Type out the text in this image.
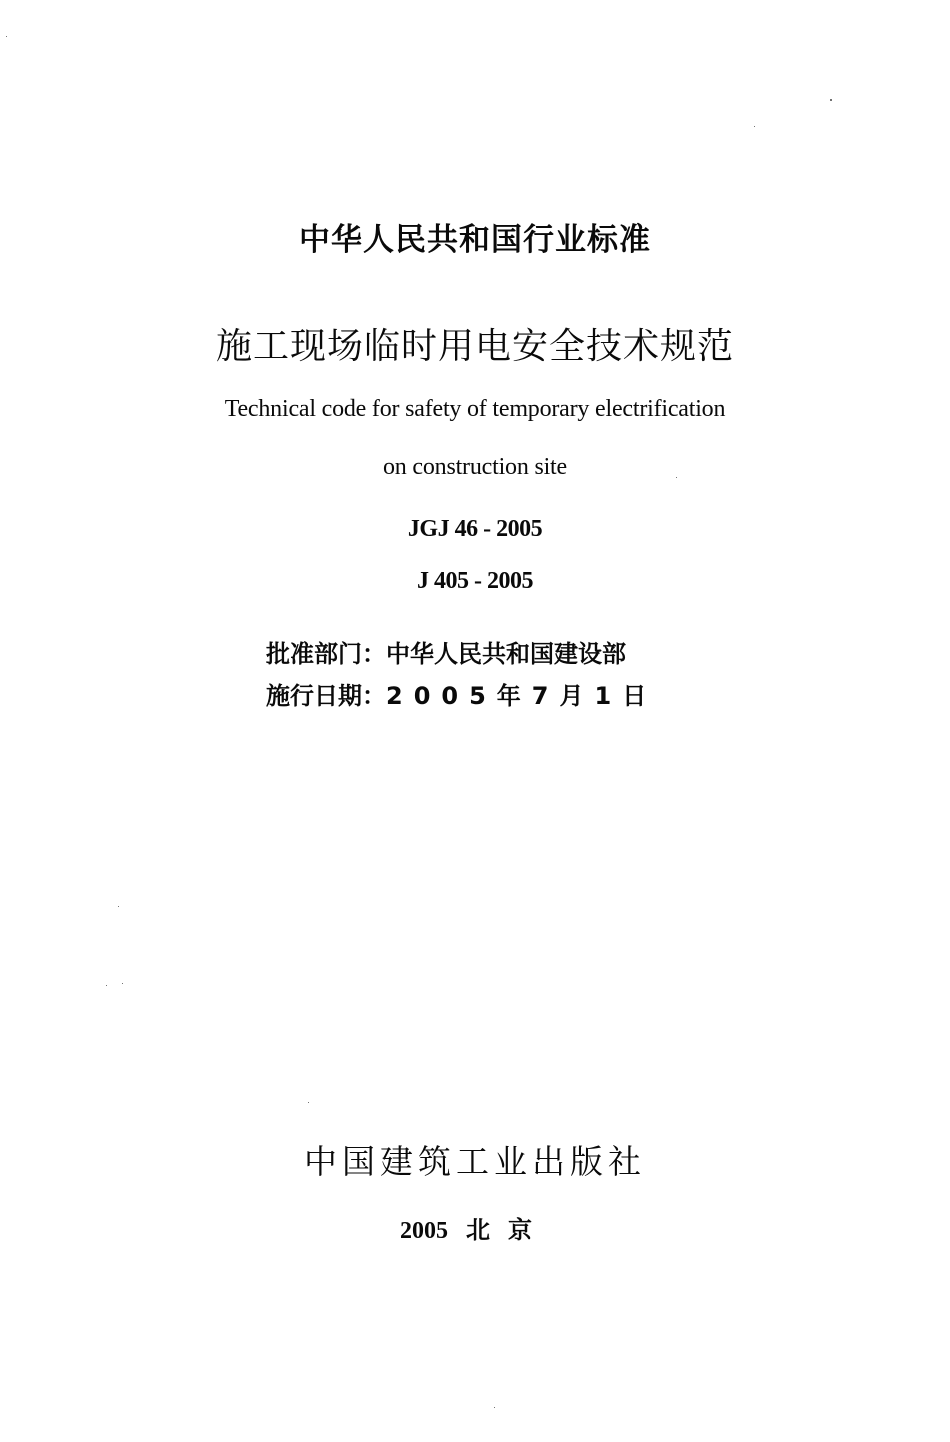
中华人民共和国行业标准
施工现场临时用电安全技术规范
Technical code for safety of temporary electrification
on construction site
JGJ 46 - 2005
J 405 - 2005
批准部门：中华人民共和国建设部
施行日期：2005年7月1日
中国建筑工业出版社
2005 北京
